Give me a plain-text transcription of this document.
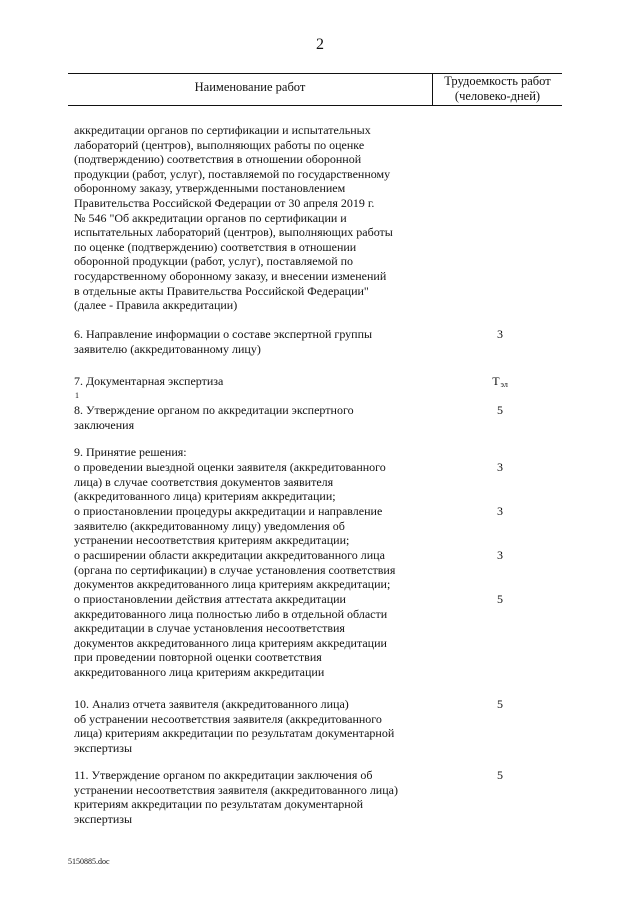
2
Наименование работ	Трудоемкость работ
(человеко-дней)
аккредитации органов по сертификации и испытательных
лабораторий (центров), выполняющих работы по оценке
(подтверждению) соответствия в отношении оборонной
продукции (работ, услуг), поставляемой по государственному
оборонному заказу, утвержденными постановлением
Правительства Российской Федерации от 30 апреля 2019 г.
№ 546 "Об аккредитации органов по сертификации и
испытательных лабораторий (центров), выполняющих работы
по оценке (подтверждению) соответствия в отношении
оборонной продукции (работ, услуг), поставляемой по
государственному оборонному заказу, и внесении изменений
в отдельные акты Правительства Российской Федерации"
(далее - Правила аккредитации)
6. Направление информации о составе экспертной группы
заявителю (аккредитованному лицу)
3
7. Документарная экспертиза
1
$Т_{эл}$
8. Утверждение органом по аккредитации экспертного
заключения
5
9. Принятие решения:
о проведении выездной оценки заявителя (аккредитованного
лица) в случае соответствия документов заявителя
(аккредитованного лица) критериям аккредитации;
3
о приостановлении процедуры аккредитации и направление
заявителю (аккредитованному лицу) уведомления об
устранении несоответствия критериям аккредитации;
3
о расширении области аккредитации аккредитованного лица
(органа по сертификации) в случае установления соответствия
документов аккредитованного лица критериям аккредитации;
3
о приостановлении действия аттестата аккредитации
аккредитованного лица полностью либо в отдельной области
аккредитации в случае установления несоответствия
документов аккредитованного лица критериям аккредитации
при проведении повторной оценки соответствия
аккредитованного лица критериям аккредитации
5
10. Анализ отчета заявителя (аккредитованного лица)
об устранении несоответствия заявителя (аккредитованного
лица) критериям аккредитации по результатам документарной
экспертизы
5
11. Утверждение органом по аккредитации заключения об
устранении несоответствия заявителя (аккредитованного лица)
критериям аккредитации по результатам документарной
экспертизы
5
5150885.doc
